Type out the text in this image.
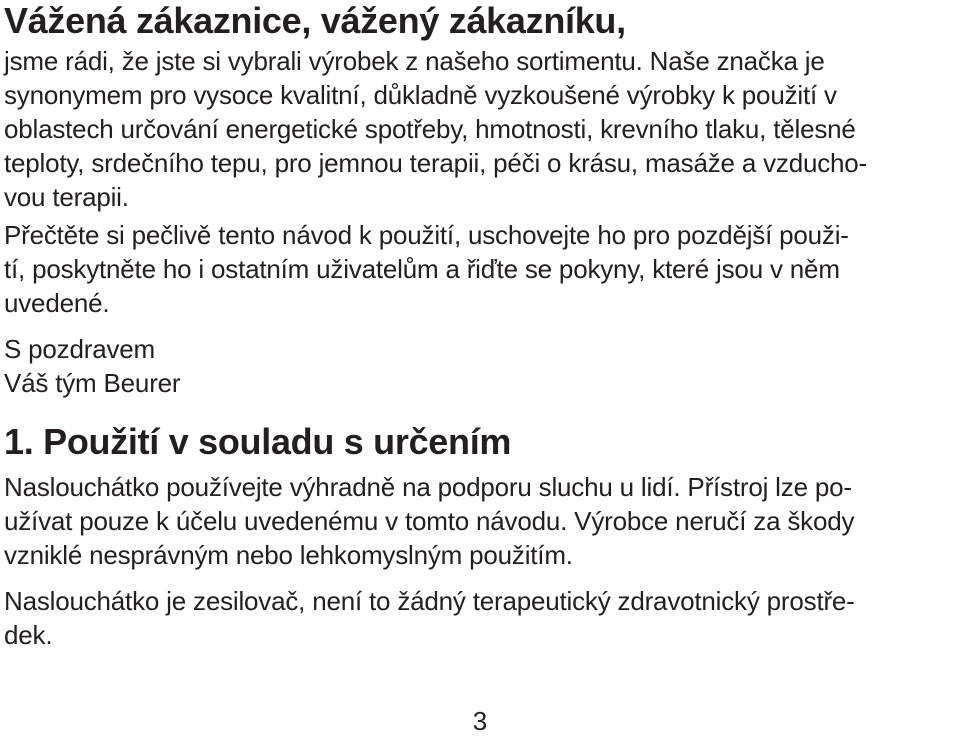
Vážená zákaznice, vážený zákazníku,
jsme rádi, že jste si vybrali výrobek z našeho sortimentu. Naše značka je
synonymem pro vysoce kvalitní, důkladně vyzkoušené výrobky k použití v
oblastech určování energetické spotřeby, hmotnosti, krevního tlaku, tělesné
teploty, srdečního tepu, pro jemnou terapii, péči o krásu, masáže a vzducho-
vou terapii.
Přečtěte si pečlivě tento návod k použití, uschovejte ho pro pozdější použi-
tí, poskytněte ho i ostatním uživatelům a řiďte se pokyny, které jsou v něm
uvedené.
S pozdravem
Váš tým Beurer
1. Použití v souladu s určením
Naslouchátko používejte výhradně na podporu sluchu u lidí. Přístroj lze po-
užívat pouze k účelu uvedenému v tomto návodu. Výrobce neručí za škody
vzniklé nesprávným nebo lehkomyslným použitím.
Naslouchátko je zesilovač, není to žádný terapeutický zdravotnický prostře-
dek.
3
